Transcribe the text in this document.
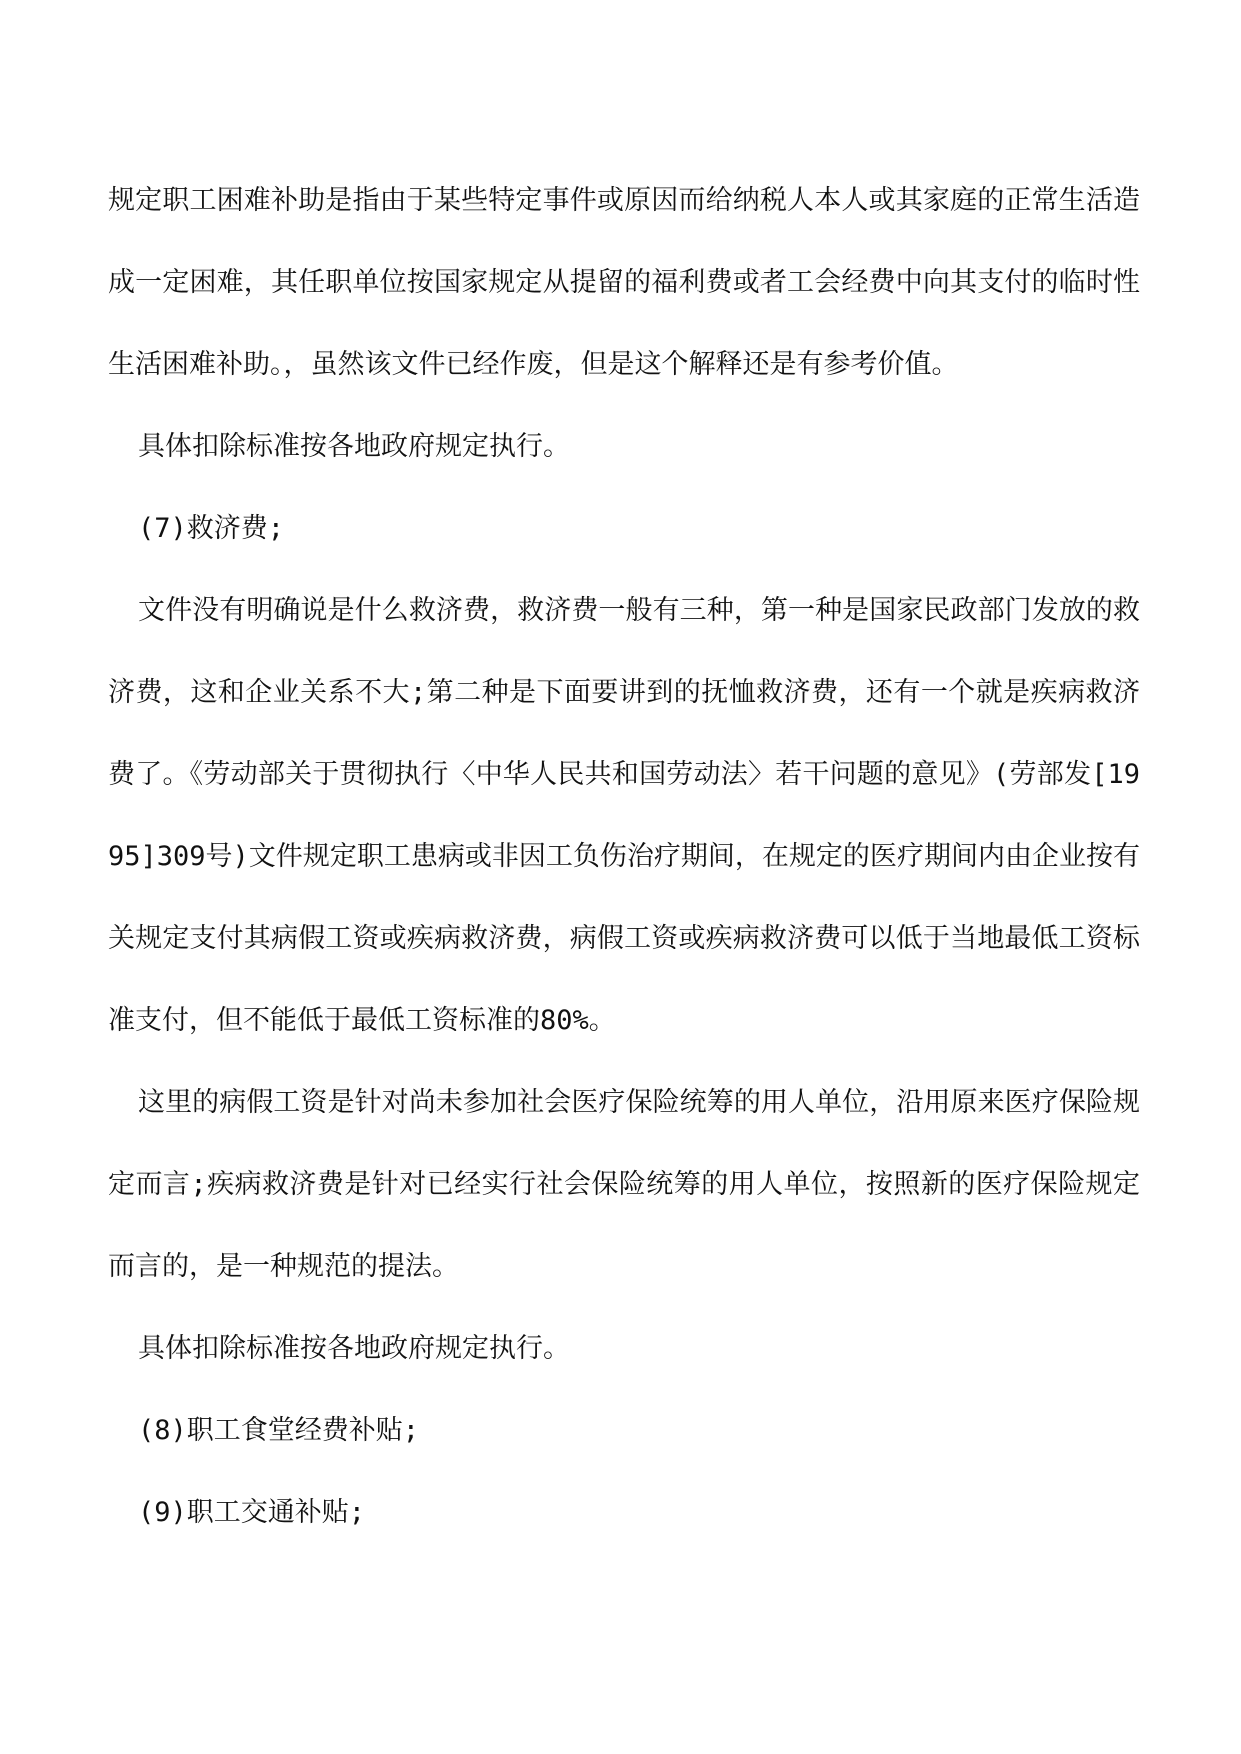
规定职工困难补助是指由于某些特定事件或原因而给纳税人本人或其家庭的正常生活造成一定困难，其任职单位按国家规定从提留的福利费或者工会经费中向其支付的临时性生活困难补助。，虽然该文件已经作废，但是这个解释还是有参考价值。

具体扣除标准按各地政府规定执行。

(7)救济费;

文件没有明确说是什么救济费，救济费一般有三种，第一种是国家民政部门发放的救济费，这和企业关系不大;第二种是下面要讲到的抚恤救济费，还有一个就是疾病救济费了。《劳动部关于贯彻执行〈中华人民共和国劳动法〉若干问题的意见》(劳部发[1995]309号)文件规定职工患病或非因工负伤治疗期间，在规定的医疗期间内由企业按有关规定支付其病假工资或疾病救济费，病假工资或疾病救济费可以低于当地最低工资标准支付，但不能低于最低工资标准的80%。

这里的病假工资是针对尚未参加社会医疗保险统筹的用人单位，沿用原来医疗保险规定而言;疾病救济费是针对已经实行社会保险统筹的用人单位，按照新的医疗保险规定而言的，是一种规范的提法。

具体扣除标准按各地政府规定执行。

(8)职工食堂经费补贴;

(9)职工交通补贴;
